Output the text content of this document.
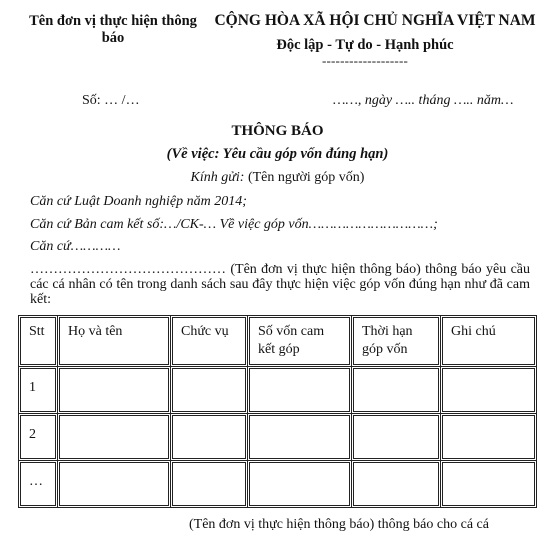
Tên đơn vị thực hiện thông báo
CỘNG HÒA XÃ HỘI CHỦ NGHĨA VIỆT NAM
Độc lập - Tự do - Hạnh phúc
-------------------
Số: … /…	……, ngày ….. tháng ….. năm…
THÔNG BÁO
(Về việc: Yêu cầu góp vốn đúng hạn)
Kính gửi: (Tên người góp vốn)
Căn cứ Luật Doanh nghiệp năm 2014;
Căn cứ Bản cam kết số:…/CK-… Về việc góp vốn…………………………;
Căn cứ…………
…………………………………… (Tên đơn vị thực hiện thông báo) thông báo yêu cầu các cá nhân có tên trong danh sách sau đây thực hiện việc góp vốn đúng hạn như đã cam kết:
Stt	Họ và tên	Chức vụ	Số vốn cam kết góp	Thời hạn góp vốn	Ghi chú

1					

2					

…					

(Tên đơn vị thực hiện thông báo) thông báo cho cá cá
